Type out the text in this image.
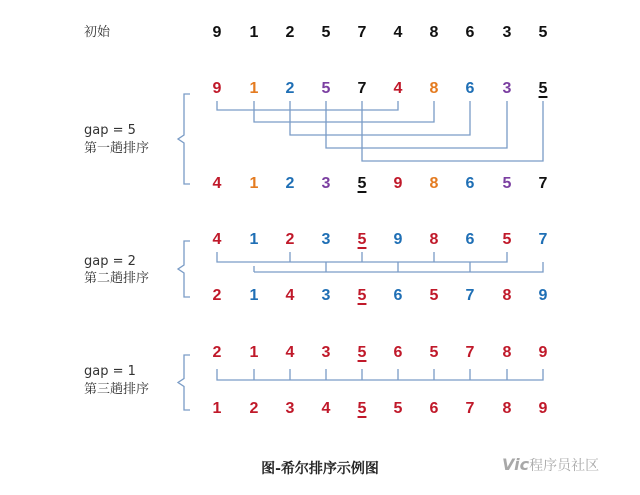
初始	9	1	2	5	7	4	8	6	3	5
gap = 5
第一趟排序
9	1	2	5	7	4	8	6	3	5
4	1	2	3	5	9	8	6	5	7
gap = 2
第二趟排序
4	1	2	3	5	9	8	6	5	7
2	1	4	3	5	6	5	7	8	9
gap = 1
第三趟排序
2	1	4	3	5	6	5	7	8	9
1	2	3	4	5	5	6	7	8	9
图-希尔排序示例图	Vic程序员社区
